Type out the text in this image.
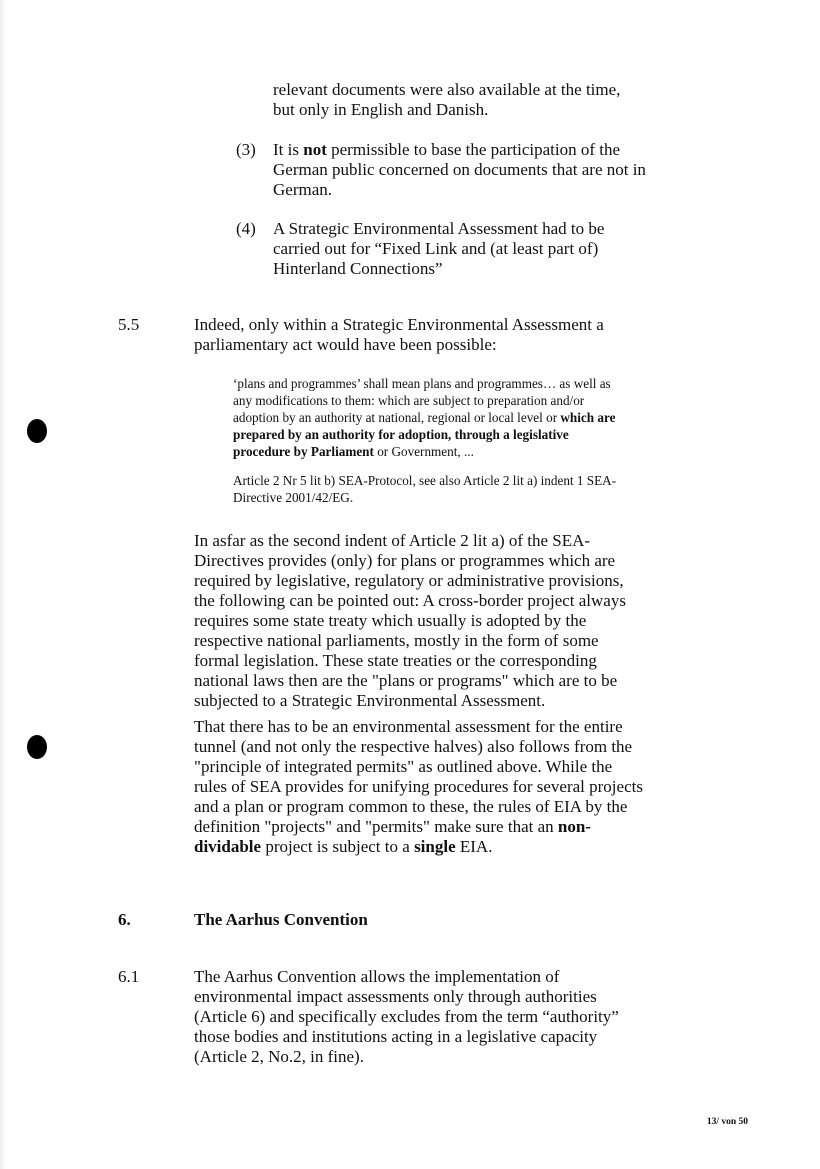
relevant documents were also available at the time, but only in English and Danish.

(3) It is not permissible to base the participation of the German public concerned on documents that are not in German.

(4) A Strategic Environmental Assessment had to be carried out for “Fixed Link and (at least part of) Hinterland Connections”

5.5	Indeed, only within a Strategic Environmental Assessment a parliamentary act would have been possible:

‘plans and programmes’ shall mean plans and programmes… as well as any modifications to them: which are subject to preparation and/or adoption by an authority at national, regional or local level or which are prepared by an authority for adoption, through a legislative procedure by Parliament or Government, ...
Article 2 Nr 5 lit b) SEA-Protocol, see also Article 2 lit a) indent 1 SEA-Directive 2001/42/EG.

In asfar as the second indent of Article 2 lit a) of the SEA-Directives provides (only) for plans or programmes which are required by legislative, regulatory or administrative provisions, the following can be pointed out: A cross-border project always requires some state treaty which usually is adopted by the respective national parliaments, mostly in the form of some formal legislation. These state treaties or the corresponding national laws then are the "plans or programs" which are to be subjected to a Strategic Environmental Assessment.

That there has to be an environmental assessment for the entire tunnel (and not only the respective halves) also follows from the "principle of integrated permits" as outlined above. While the rules of SEA provides for unifying procedures for several projects and a plan or program common to these, the rules of EIA by the definition "projects" and "permits" make sure that an non-dividable project is subject to a single EIA.

6.	The Aarhus Convention
6.1	The Aarhus Convention allows the implementation of environmental impact assessments only through authorities (Article 6) and specifically excludes from the term “authority” those bodies and institutions acting in a legislative capacity (Article 2, No.2, in fine).

13/ von 50
